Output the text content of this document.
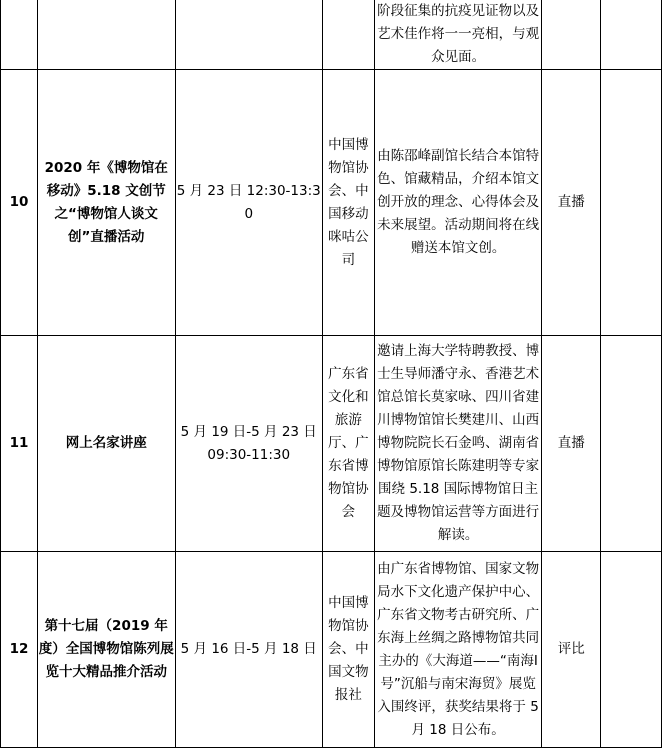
				阶段征集的抗疫见证物以及艺术佳作将一一亮相，与观众见面。		

10	2020 年《博物馆在移动》5.18 文创节之“博物馆人谈文创”直播活动	5 月 23 日 12:30-13:30	中国博物馆协会、中国移动咪咕公司	由陈邵峰副馆长结合本馆特色、馆藏精品，介绍本馆文创开放的理念、心得体会及未来展望。活动期间将在线赠送本馆文创。	直播	
11	网上名家讲座	5 月 19 日-5 月 23 日 09:30-11:30	广东省文化和旅游厅、广东省博物馆协会	邀请上海大学特聘教授、博士生导师潘守永、香港艺术馆总馆长莫家咏、四川省建川博物馆馆长樊建川、山西博物院院长石金鸣、湖南省博物馆原馆长陈建明等专家围绕 5.18 国际博物馆日主题及博物馆运营等方面进行解读。	直播	
12	第十七届（2019 年度）全国博物馆陈列展览十大精品推介活动	5 月 16 日-5 月 18 日	中国博物馆协会、中国文物报社	由广东省博物馆、国家文物局水下文化遗产保护中心、广东省文物考古研究所、广东海上丝绸之路博物馆共同主办的《大海道——“南海Ⅰ号”沉船与南宋海贸》展览入围终评，获奖结果将于 5 月 18 日公布。	评比	
